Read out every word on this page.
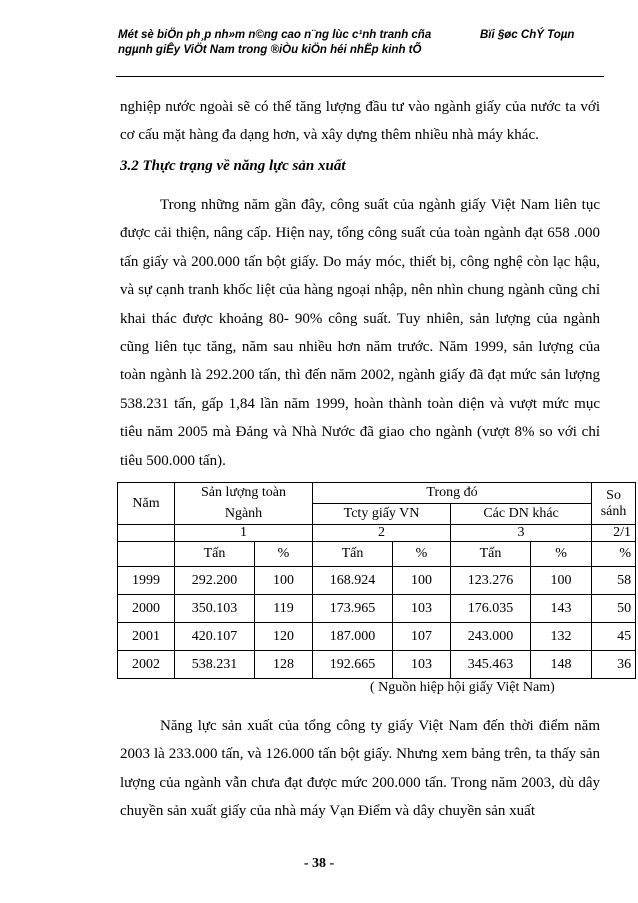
Mét sè biÖn ph¸p nh»m n©ng cao n¨ng lùc c¹nh tranh cña
ngµnh giÊy ViÖt Nam trong ®iÒu kiÖn héi nhËp kinh tÕ
Bïi §øc ChÝ Toµn

nghiệp nước ngoài sẽ có thể tăng lượng đầu tư vào ngành giấy của nước ta với cơ cấu mặt hàng đa dạng hơn, và xây dựng thêm nhiều nhà máy khác.

3.2 Thực trạng về năng lực sản xuất

Trong những năm gần đây, công suất của ngành giấy Việt Nam liên tục được cải thiện, nâng cấp. Hiện nay, tổng công suất của toàn ngành đạt 658 .000 tấn giấy và 200.000 tấn bột giấy. Do máy móc, thiết bị, công nghệ còn lạc hậu, và sự cạnh tranh khốc liệt của hàng ngoại nhập, nên nhìn chung ngành cũng chỉ khai thác được khoảng 80- 90% công suất. Tuy nhiên, sản lượng của ngành cũng liên tục tăng, năm sau nhiều hơn năm trước. Năm 1999, sản lượng của toàn ngành là 292.200 tấn, thì đến năm 2002, ngành giấy đã đạt mức sản lượng 538.231 tấn, gấp 1,84 lần năm 1999, hoàn thành toàn diện và vượt mức mục tiêu năm 2005 mà Đảng và Nhà Nước đã giao cho ngành (vượt 8% so với chỉ tiêu 500.000 tấn).

Năm	Sản lượng toàn		Trong đó				So sánh
	Ngành		Tcty giấy VN		Các DN khác		
	1		2		3		2/1
	Tấn	%	Tấn	%	Tấn	%	%
1999	292.200	100	168.924	100	123.276	100	58
2000	350.103	119	173.965	103	176.035	143	50
2001	420.107	120	187.000	107	243.000	132	45
2002	538.231	128	192.665	103	345.463	148	36
( Nguồn hiệp hội giấy Việt Nam)

Năng lực sản xuất của tổng công ty giấy Việt Nam đến thời điểm năm 2003 là 233.000 tấn, và 126.000 tấn bột giấy. Nhưng xem bảng trên, ta thấy sản lượng của ngành vẫn chưa đạt được mức 200.000 tấn. Trong năm 2003, dù dây chuyền sản xuất giấy của nhà máy Vạn Điểm và dây chuyền sản xuất

- 38 -
